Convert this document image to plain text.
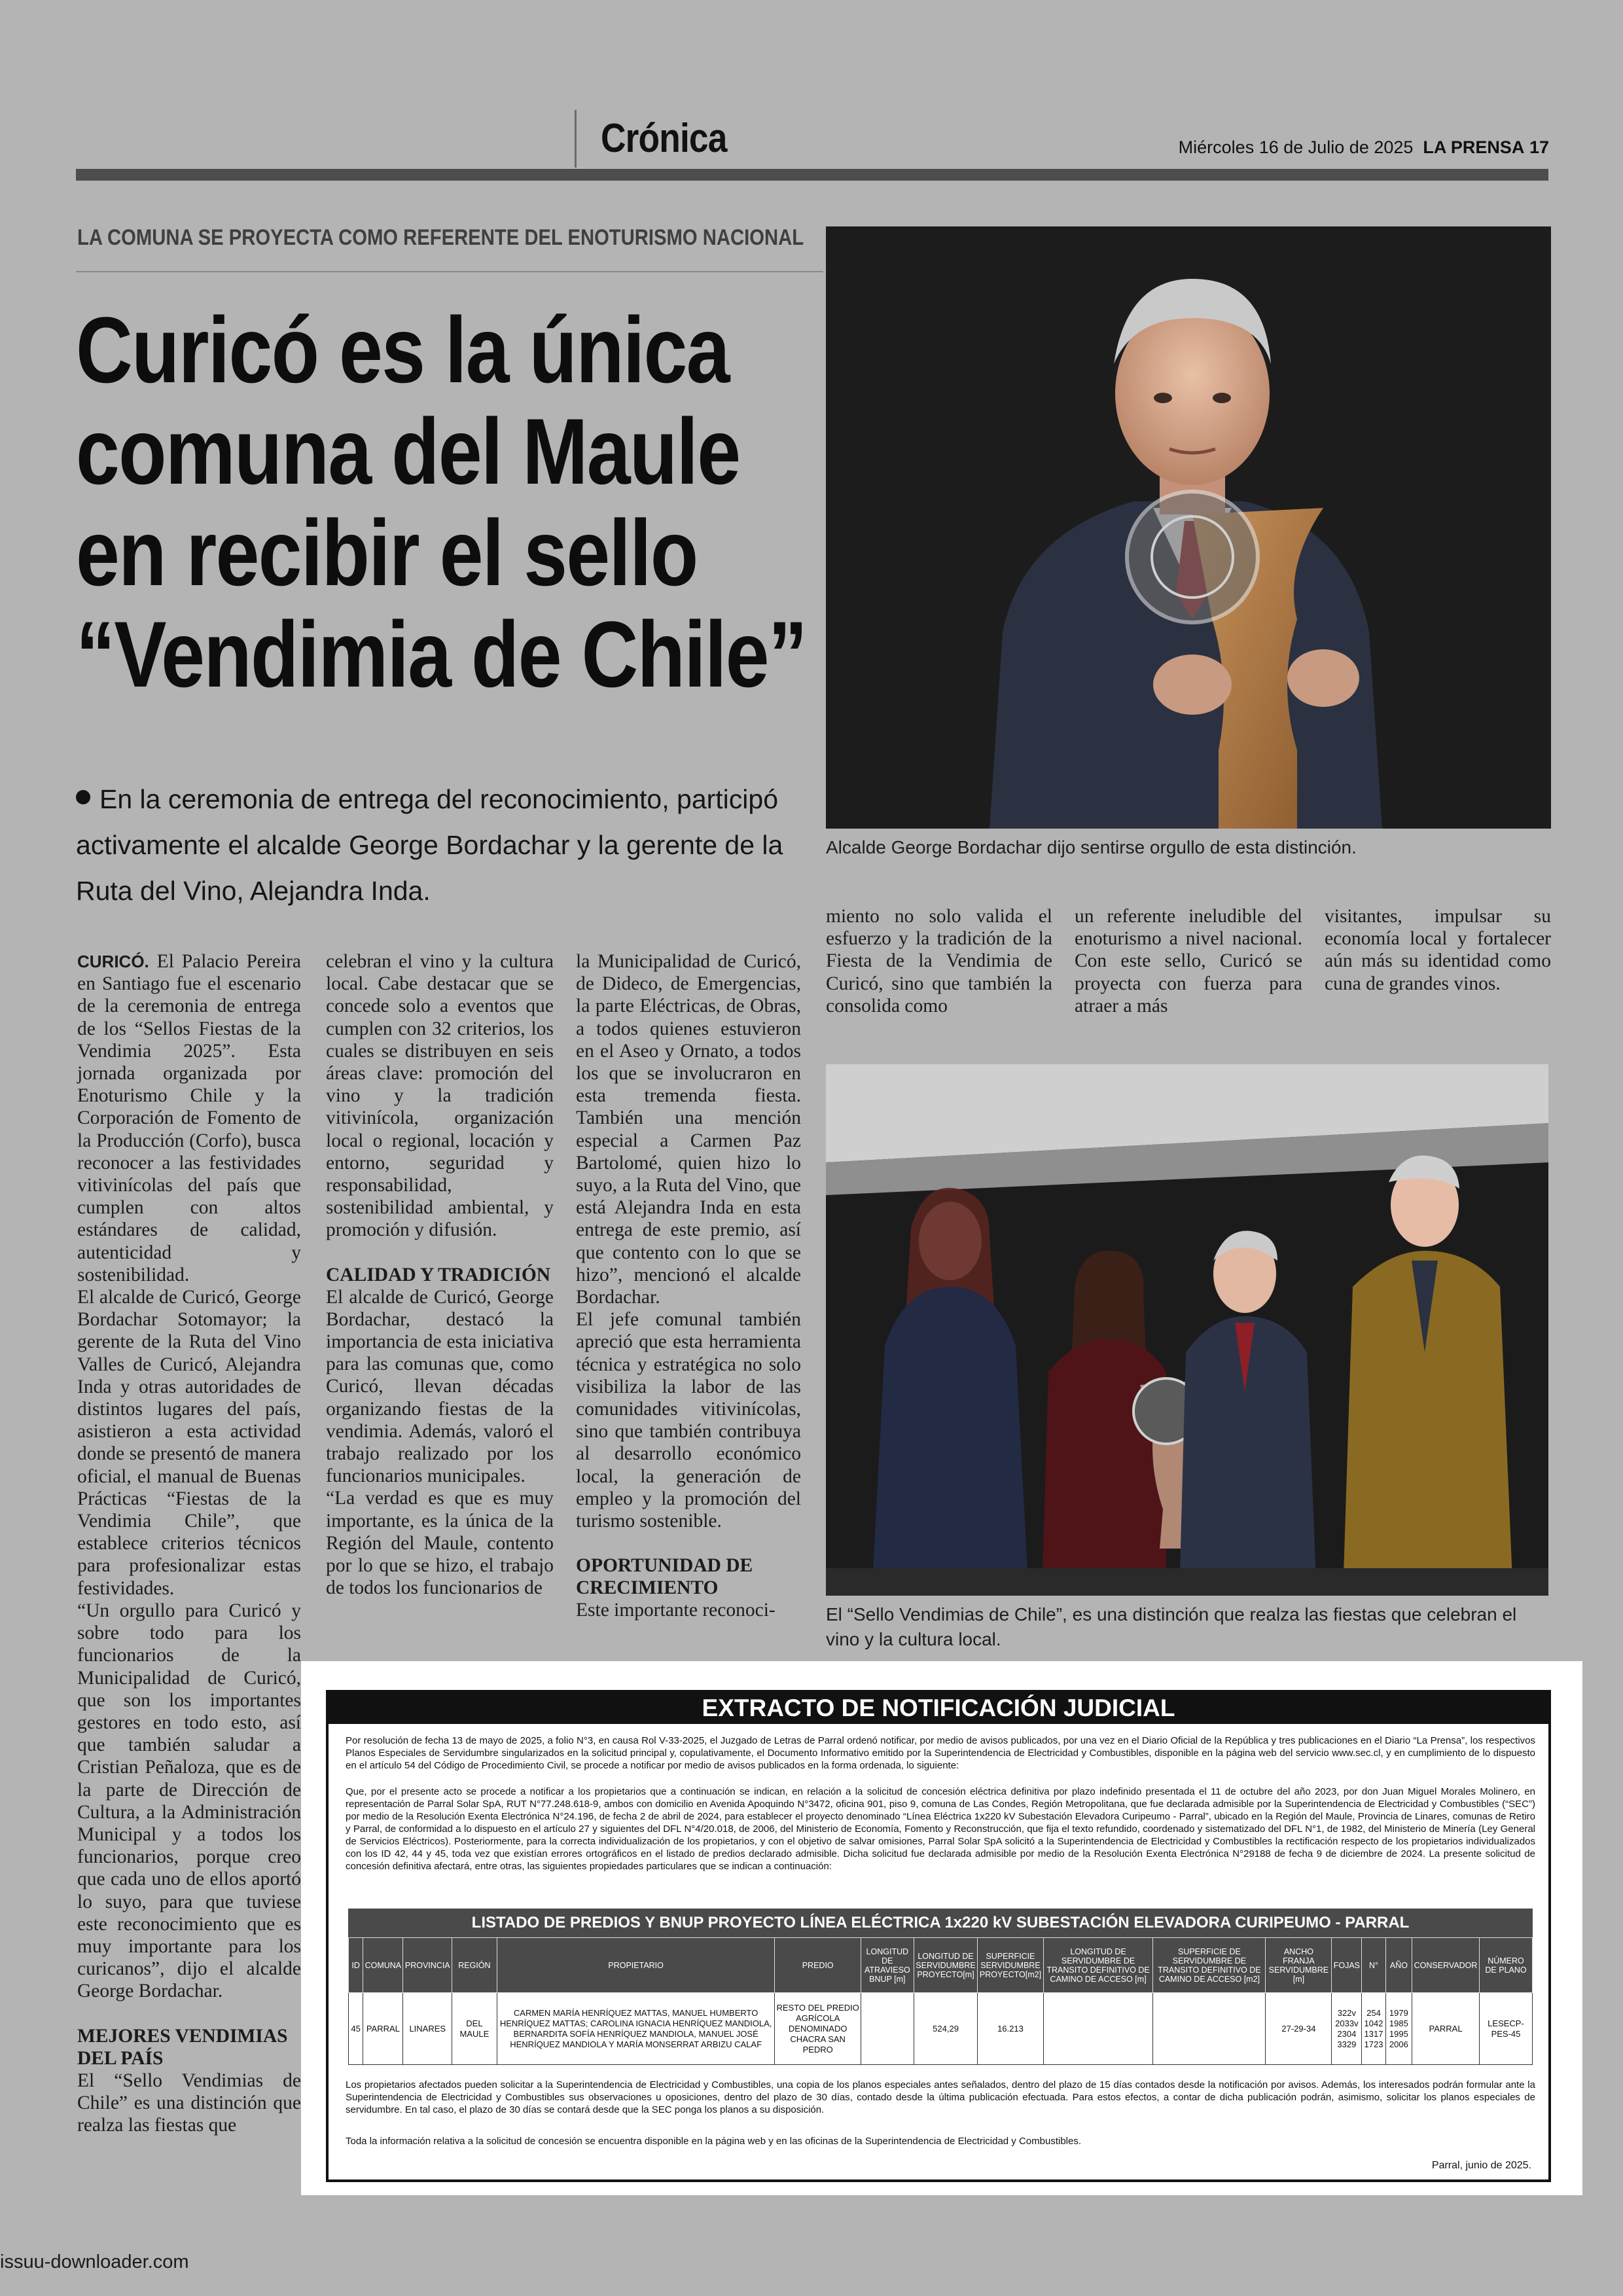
Crónica	Miércoles 16 de Julio de 2025 LA PRENSA 17
LA COMUNA SE PROYECTA COMO REFERENTE DEL ENOTURISMO NACIONAL
Curicó es la única comuna del Maule en recibir el sello “Vendimia de Chile”
En la ceremonia de entrega del reconocimiento, participó activamente el alcalde George Bordachar y la gerente de la Ruta del Vino, Alejandra Inda.
Alcalde George Bordachar dijo sentirse orgullo de esta distinción.
El “Sello Vendimias de Chile”, es una distinción que realza las fiestas que celebran el vino y la cultura local.

CURICÓ. El Palacio Pereira en Santiago fue el escenario de la ceremonia de entrega de los “Sellos Fiestas de la Vendimia 2025”. Esta jornada organizada por Enoturismo Chile y la Corporación de Fomento de la Producción (Corfo), busca reconocer a las festividades vitivinícolas del país que cumplen con altos estándares de calidad, autenticidad y sostenibilidad.

El alcalde de Curicó, George Bordachar Sotomayor; la gerente de la Ruta del Vino Valles de Curicó, Alejandra Inda y otras autoridades de distintos lugares del país, asistieron a esta actividad donde se presentó de manera oficial, el manual de Buenas Prácticas “Fiestas de la Vendimia Chile”, que establece criterios técnicos para profesionalizar estas festividades.

“Un orgullo para Curicó y sobre todo para los funcionarios de la Municipalidad de Curicó, que son los importantes gestores en todo esto, así que también saludar a Cristian Peñaloza, que es de la parte de Dirección de Cultura, a la Administración Municipal y a todos los funcionarios, porque creo que cada uno de ellos aportó lo suyo, para que tuviese este reconocimiento que es muy importante para los curicanos”, dijo el alcalde George Bordachar.

MEJORES VENDIMIAS DEL PAÍS

El “Sello Vendimias de Chile” es una distinción que realza las fiestas que

celebran el vino y la cultura local. Cabe destacar que se concede solo a eventos que cumplen con 32 criterios, los cuales se distribuyen en seis áreas clave: promoción del vino y la tradición vitivinícola, organización local o regional, locación y entorno, seguridad y responsabilidad, sostenibilidad ambiental, y promoción y difusión.

CALIDAD Y TRADICIÓN

El alcalde de Curicó, George Bordachar, destacó la importancia de esta iniciativa para las comunas que, como Curicó, llevan décadas organizando fiestas de la vendimia. Además, valoró el trabajo realizado por los funcionarios municipales.

“La verdad es que es muy importante, es la única de la Región del Maule, contento por lo que se hizo, el trabajo de todos los funcionarios de

la Municipalidad de Curicó, de Dideco, de Emergencias, la parte Eléctricas, de Obras, a todos quienes estuvieron en el Aseo y Ornato, a todos los que se involucraron en esta tremenda fiesta. También una mención especial a Carmen Paz Bartolomé, quien hizo lo suyo, a la Ruta del Vino, que está Alejandra Inda en esta entrega de este premio, así que contento con lo que se hizo”, mencionó el alcalde Bordachar.

El jefe comunal también apreció que esta herramienta técnica y estratégica no solo visibiliza la labor de las comunidades vitivinícolas, sino que también contribuya al desarrollo económico local, la generación de empleo y la promoción del turismo sostenible.

OPORTUNIDAD DE CRECIMIENTO

Este importante reconoci-

miento no solo valida el esfuerzo y la tradición de la Fiesta de la Vendimia de Curicó, sino que también la consolida como

un referente ineludible del enoturismo a nivel nacional. Con este sello, Curicó se proyecta con fuerza para atraer a más

visitantes, impulsar su economía local y fortalecer aún más su identidad como cuna de grandes vinos.

EXTRACTO DE NOTIFICACIÓN JUDICIAL
Por resolución de fecha 13 de mayo de 2025, a folio N°3, en causa Rol V-33-2025, el Juzgado de Letras de Parral ordenó notificar, por medio de avisos publicados, por una vez en el Diario Oficial de la República y tres publicaciones en el Diario “La Prensa”, los respectivos Planos Especiales de Servidumbre singularizados en la solicitud principal y, copulativamente, el Documento Informativo emitido por la Superintendencia de Electricidad y Combustibles, disponible en la página web del servicio www.sec.cl, y en cumplimiento de lo dispuesto en el artículo 54 del Código de Procedimiento Civil, se procede a notificar por medio de avisos publicados en la forma ordenada, lo siguiente:
Que, por el presente acto se procede a notificar a los propietarios que a continuación se indican, en relación a la solicitud de concesión eléctrica definitiva por plazo indefinido presentada el 11 de octubre del año 2023, por don Juan Miguel Morales Molinero, en representación de Parral Solar SpA, RUT N°77.248.618-9, ambos con domicilio en Avenida Apoquindo N°3472, oficina 901, piso 9, comuna de Las Condes, Región Metropolitana, que fue declarada admisible por la Superintendencia de Electricidad y Combustibles (“SEC”) por medio de la Resolución Exenta Electrónica N°24.196, de fecha 2 de abril de 2024, para establecer el proyecto denominado “Línea Eléctrica 1x220 kV Subestación Elevadora Curipeumo - Parral”, ubicado en la Región del Maule, Provincia de Linares, comunas de Retiro y Parral, de conformidad a lo dispuesto en el artículo 27 y siguientes del DFL N°4/20.018, de 2006, del Ministerio de Economía, Fomento y Reconstrucción, que fija el texto refundido, coordenado y sistematizado del DFL N°1, de 1982, del Ministerio de Minería (Ley General de Servicios Eléctricos). Posteriormente, para la correcta individualización de los propietarios, y con el objetivo de salvar omisiones, Parral Solar SpA solicitó a la Superintendencia de Electricidad y Combustibles la rectificación respecto de los propietarios individualizados con los ID 42, 44 y 45, toda vez que existían errores ortográficos en el listado de predios declarado admisible. Dicha solicitud fue declarada admisible por medio de la Resolución Exenta Electrónica N°29188 de fecha 9 de diciembre de 2024. La presente solicitud de concesión definitiva afectará, entre otras, las siguientes propiedades particulares que se indican a continuación:
LISTADO DE PREDIOS Y BNUP PROYECTO LÍNEA ELÉCTRICA 1x220 kV SUBESTACIÓN ELEVADORA CURIPEUMO - PARRAL
ID	COMUNA	PROVINCIA	REGIÓN	PROPIETARIO	PREDIO	LONGITUD DE ATRAVIESO BNUP [m]	LONGITUD DE SERVIDUMBRE PROYECTO[m]	SUPERFICIE SERVIDUMBRE PROYECTO[m2]	LONGITUD DE SERVIDUMBRE DE TRANSITO DEFINITIVO DE CAMINO DE ACCESO [m]	SUPERFICIE DE SERVIDUMBRE DE TRANSITO DEFINITIVO DE CAMINO DE ACCESO [m2]	ANCHO FRANJA SERVIDUMBRE [m]	FOJAS	N°	AÑO	CONSERVADOR	NÚMERO DE PLANO
45	PARRAL	LINARES	DEL MAULE	CARMEN MARÍA HENRÍQUEZ MATTAS, MANUEL HUMBERTO HENRÍQUEZ MATTAS; CAROLINA IGNACIA HENRÍQUEZ MANDIOLA, BERNARDITA SOFÍA HENRÍQUEZ MANDIOLA, MANUEL JOSÉ HENRÍQUEZ MANDIOLA Y MARÍA MONSERRAT ARBIZU CALAF	RESTO DEL PREDIO AGRÍCOLA DENOMINADO CHACRA SAN PEDRO		524,29	16.213			27-29-34	322v 2033v 2304 3329	254 1042 1317 1723	1979 1985 1995 2006	PARRAL	LESECP-PES-45
Los propietarios afectados pueden solicitar a la Superintendencia de Electricidad y Combustibles, una copia de los planos especiales antes señalados, dentro del plazo de 15 días contados desde la notificación por avisos. Además, los interesados podrán formular ante la Superintendencia de Electricidad y Combustibles sus observaciones u oposiciones, dentro del plazo de 30 días, contado desde la última publicación efectuada. Para estos efectos, a contar de dicha publicación podrán, asimismo, solicitar los planos especiales de servidumbre. En tal caso, el plazo de 30 días se contará desde que la SEC ponga los planos a su disposición.
Toda la información relativa a la solicitud de concesión se encuentra disponible en la página web y en las oficinas de la Superintendencia de Electricidad y Combustibles.
Parral, junio de 2025.
issuu-downloader.com
